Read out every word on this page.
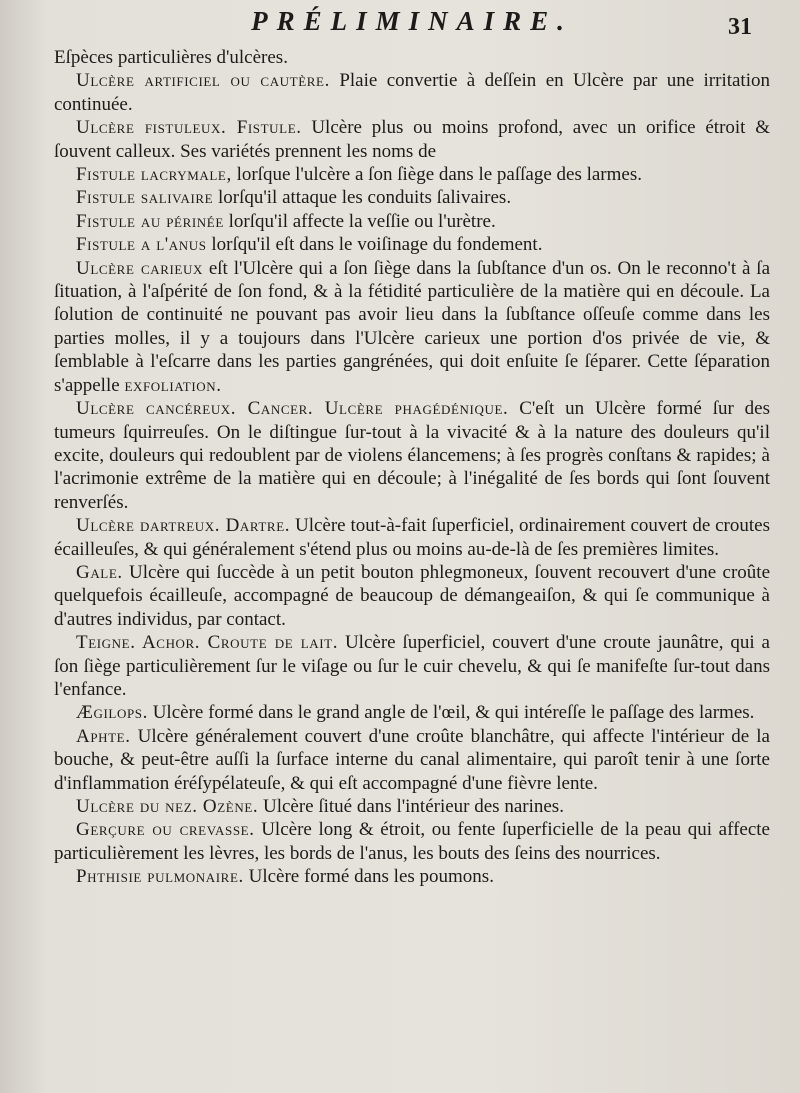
PRÉLIMINAIRE.	31

Eſpèces particulières d'ulcères.

Ulcère artificiel ou cautère. Plaie convertie à deſſein en Ulcère par une irritation continuée.

Ulcère fistuleux. Fistule. Ulcère plus ou moins profond, avec un orifice étroit & ſouvent calleux. Ses variétés prennent les noms de

Fistule lacrymale, lorſque l'ulcère a ſon ſiège dans le paſſage des larmes.

Fistule salivaire lorſqu'il attaque les conduits ſalivaires.

Fistule au périnée lorſqu'il affecte la veſſie ou l'urètre.

Fistule a l'anus lorſqu'il eſt dans le voiſinage du fondement.

Ulcère carieux eſt l'Ulcère qui a ſon ſiège dans la ſubſtance d'un os. On le reconno't à ſa ſituation, à l'aſpérité de ſon fond, & à la fétidité particulière de la matière qui en découle. La ſolution de continuité ne pouvant pas avoir lieu dans la ſubſtance oſſeuſe comme dans les parties molles, il y a toujours dans l'Ulcère carieux une portion d'os privée de vie, & ſemblable à l'eſcarre dans les parties gangrénées, qui doit enſuite ſe ſéparer. Cette ſéparation s'appelle exfoliation.

Ulcère cancéreux. Cancer. Ulcère phagédénique. C'eſt un Ulcère formé ſur des tumeurs ſquirreuſes. On le diſtingue ſur-tout à la vivacité & à la nature des douleurs qu'il excite, douleurs qui redoublent par de violens élancemens; à ſes progrès conſtans & rapides; à l'acrimonie extrême de la matière qui en découle; à l'inégalité de ſes bords qui ſont ſouvent renverſés.

Ulcère dartreux. Dartre. Ulcère tout-à-fait ſuperficiel, ordinairement couvert de croutes écailleuſes, & qui généralement s'étend plus ou moins au-de-là de ſes premières limites.

Gale. Ulcère qui ſuccède à un petit bouton phlegmoneux, ſouvent recouvert d'une croûte quelquefois écailleuſe, accompagné de beaucoup de démangeaiſon, & qui ſe communique à d'autres individus, par contact.

Teigne. Achor. Croute de lait. Ulcère ſuperficiel, couvert d'une croute jaunâtre, qui a ſon ſiège particulièrement ſur le viſage ou ſur le cuir chevelu, & qui ſe manifeſte ſur-tout dans l'enfance.

Ægilops. Ulcère formé dans le grand angle de l'œil, & qui intéreſſe le paſſage des larmes.

Aphte. Ulcère généralement couvert d'une croûte blanchâtre, qui affecte l'intérieur de la bouche, & peut-être auſſi la ſurface interne du canal alimentaire, qui paroît tenir à une ſorte d'inflammation éréſypélateuſe, & qui eſt accompagné d'une fièvre lente.

Ulcère du nez. Ozène. Ulcère ſitué dans l'intérieur des narines.

Gerçure ou crevasse. Ulcère long & étroit, ou fente ſuperficielle de la peau qui affecte particulièrement les lèvres, les bords de l'anus, les bouts des ſeins des nourrices.

Phthisie pulmonaire. Ulcère formé dans les poumons.
